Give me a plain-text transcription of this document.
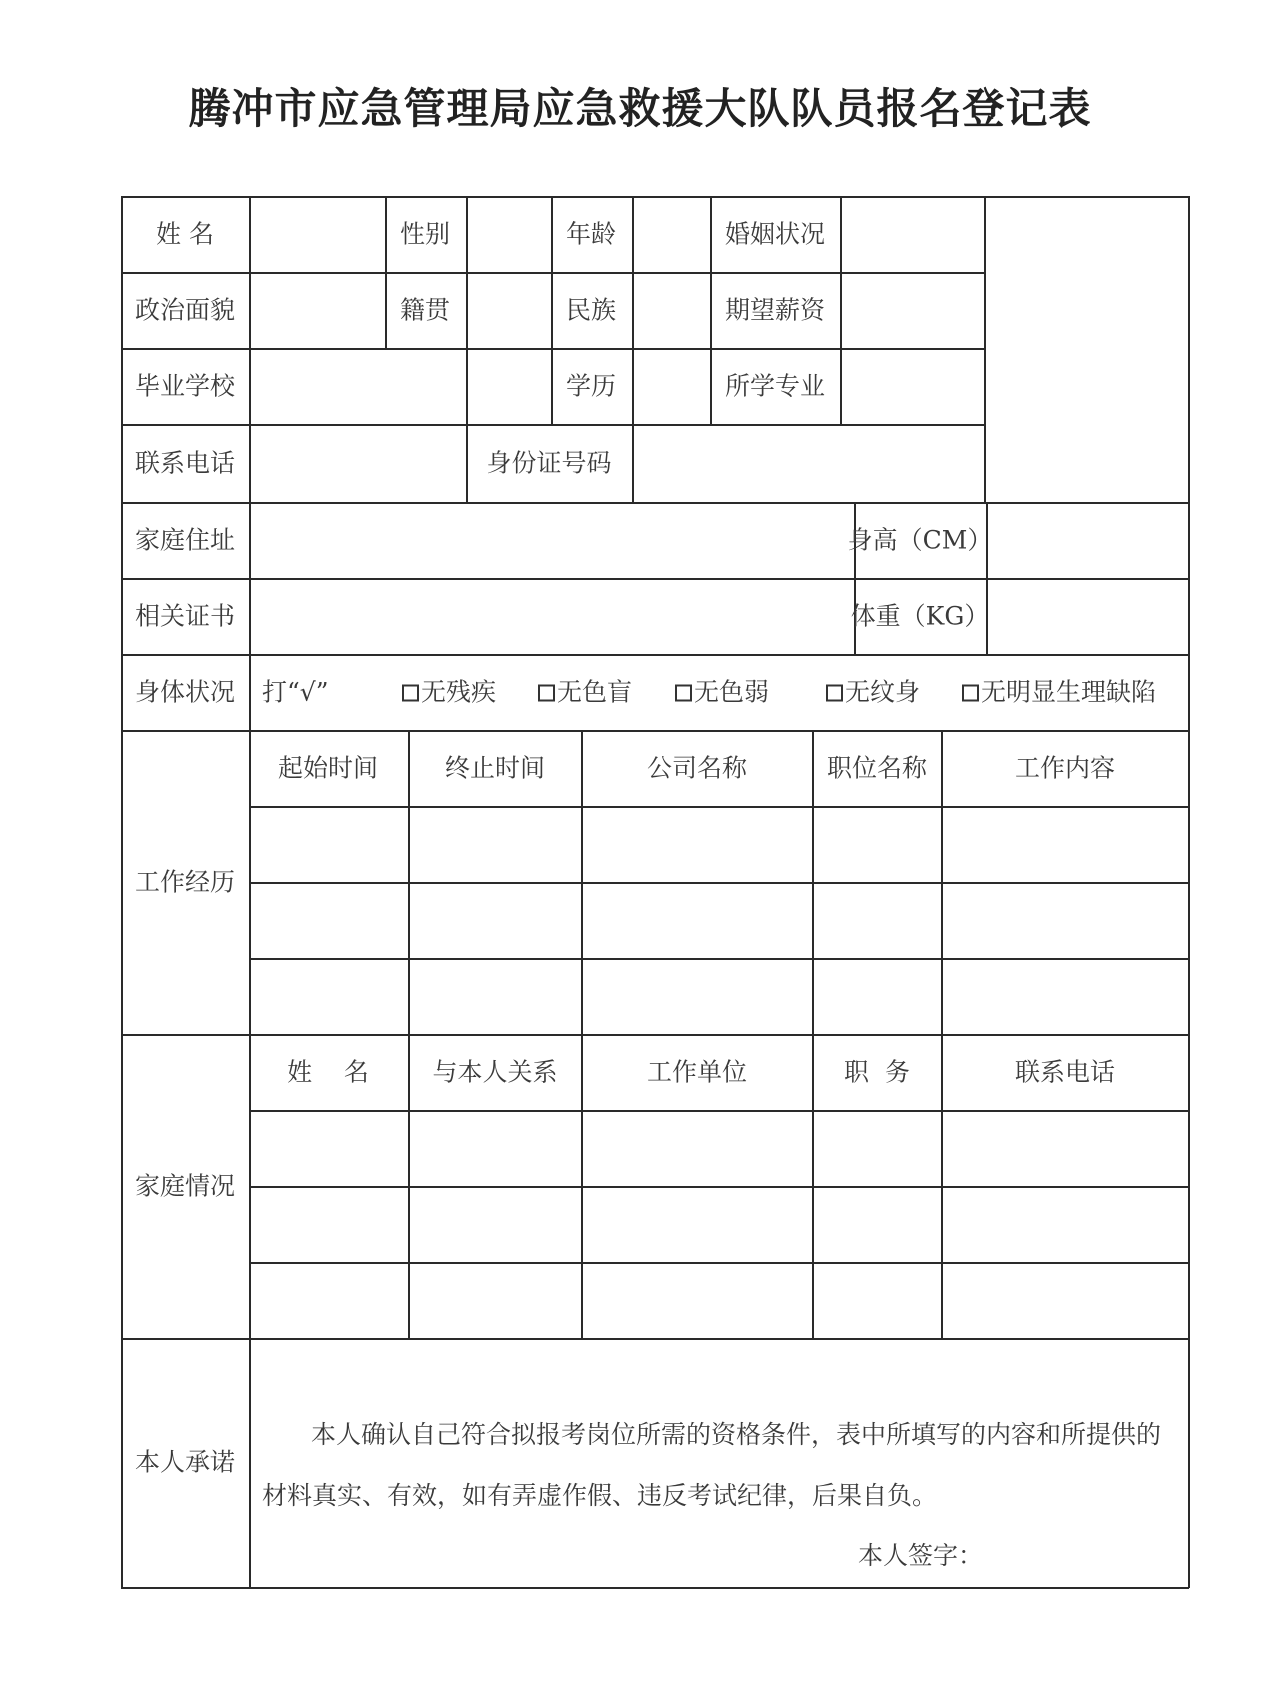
腾冲市应急管理局应急救援大队队员报名登记表
姓 名	性别	年龄	婚姻状况
政治面貌	籍贯	民族	期望薪资
毕业学校	学历	所学专业
联系电话	身份证号码
家庭住址	身高（CM）
相关证书	体重（KG）
身体状况 打“√”	无残疾	无色盲	无色弱	无纹身	无明显生理缺陷
工作经历
起始时间	终止时间	公司名称	职位名称	工作内容
家庭情况
姓    名	与本人关系	工作单位	职  务	联系电话
本人承诺
本人确认自己符合拟报考岗位所需的资格条件，表中所填写的内容和所提供的
材料真实、有效，如有弄虚作假、违反考试纪律，后果自负。
本人签字：
